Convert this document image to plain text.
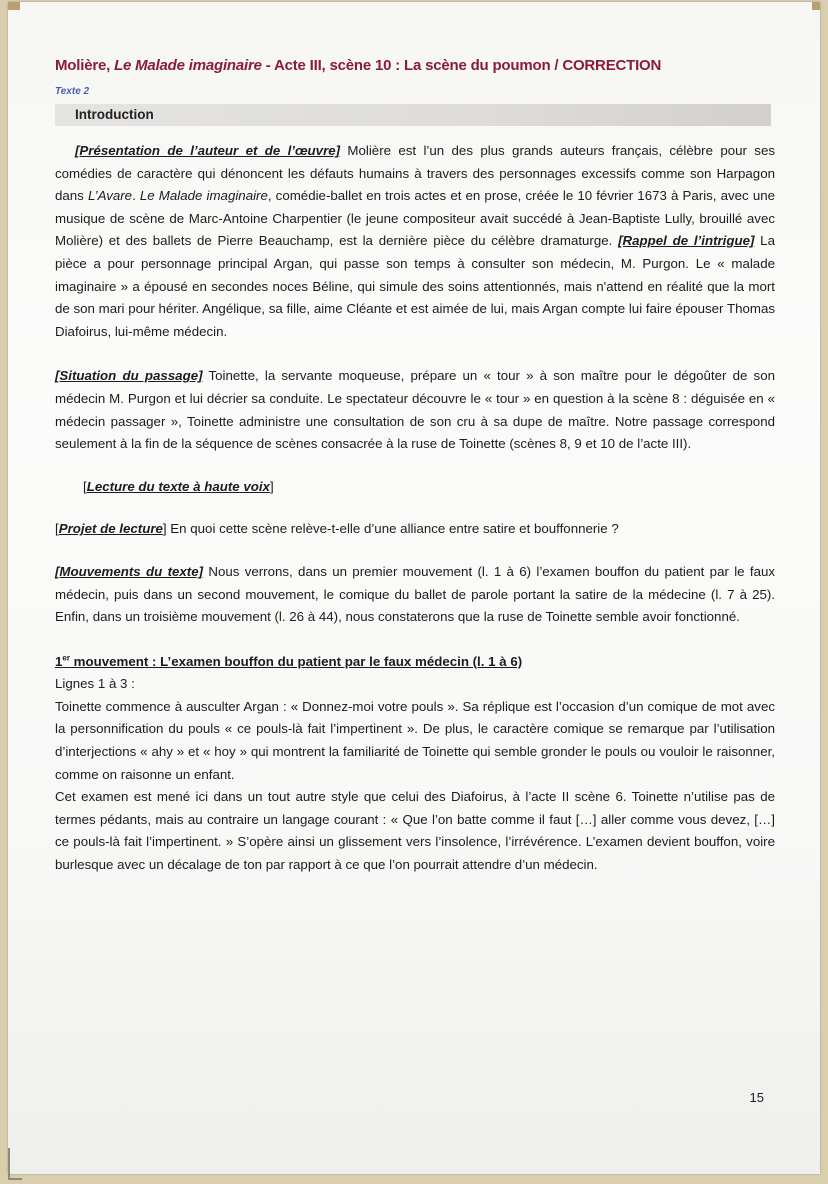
Molière, Le Malade imaginaire - Acte III, scène 10 : La scène du poumon / CORRECTION
Texte 2
Introduction

[Présentation de l’auteur et de l’œuvre] Molière est l’un des plus grands auteurs français, célèbre pour ses comédies de caractère qui dénoncent les défauts humains à travers des personnages excessifs comme son Harpagon dans L’Avare. Le Malade imaginaire, comédie-ballet en trois actes et en prose, créée le 10 février 1673 à Paris, avec une musique de scène de Marc-Antoine Charpentier (le jeune compositeur avait succédé à Jean-Baptiste Lully, brouillé avec Molière) et des ballets de Pierre Beauchamp, est la dernière pièce du célèbre dramaturge. [Rappel de l’intrigue] La pièce a pour personnage principal Argan, qui passe son temps à consulter son médecin, M. Purgon. Le « malade imaginaire » a épousé en secondes noces Béline, qui simule des soins attentionnés, mais n'attend en réalité que la mort de son mari pour hériter. Angélique, sa fille, aime Cléante et est aimée de lui, mais Argan compte lui faire épouser Thomas Diafoirus, lui-même médecin.

[Situation du passage] Toinette, la servante moqueuse, prépare un « tour » à son maître pour le dégoûter de son médecin M. Purgon et lui décrier sa conduite. Le spectateur découvre le « tour » en question à la scène 8 : déguisée en « médecin passager », Toinette administre une consultation de son cru à sa dupe de maître. Notre passage correspond seulement à la fin de la séquence de scènes consacrée à la ruse de Toinette (scènes 8, 9 et 10 de l’acte III).

[Lecture du texte à haute voix]

[Projet de lecture] En quoi cette scène relève-t-elle d’une alliance entre satire et bouffonnerie ?

[Mouvements du texte] Nous verrons, dans un premier mouvement (l. 1 à 6) l’examen bouffon du patient par le faux médecin, puis dans un second mouvement, le comique du ballet de parole portant la satire de la médecine (l. 7 à 25). Enfin, dans un troisième mouvement (l. 26 à 44), nous constaterons que la ruse de Toinette semble avoir fonctionné.

1er mouvement : L’examen bouffon du patient par le faux médecin (l. 1 à 6)

Lignes 1 à 3 :

Toinette commence à ausculter Argan : « Donnez-moi votre pouls ». Sa réplique est l’occasion d’un comique de mot avec la personnification du pouls « ce pouls-là fait l’impertinent ». De plus, le caractère comique se remarque par l’utilisation d’interjections « ahy » et « hoy » qui montrent la familiarité de Toinette qui semble gronder le pouls ou vouloir le raisonner, comme on raisonne un enfant.

Cet examen est mené ici dans un tout autre style que celui des Diafoirus, à l’acte II scène 6. Toinette n’utilise pas de termes pédants, mais au contraire un langage courant : « Que l’on batte comme il faut […] aller comme vous devez, […] ce pouls-là fait l’impertinent. » S’opère ainsi un glissement vers l’insolence, l’irrévérence. L’examen devient bouffon, voire burlesque avec un décalage de ton par rapport à ce que l’on pourrait attendre d’un médecin.

15
